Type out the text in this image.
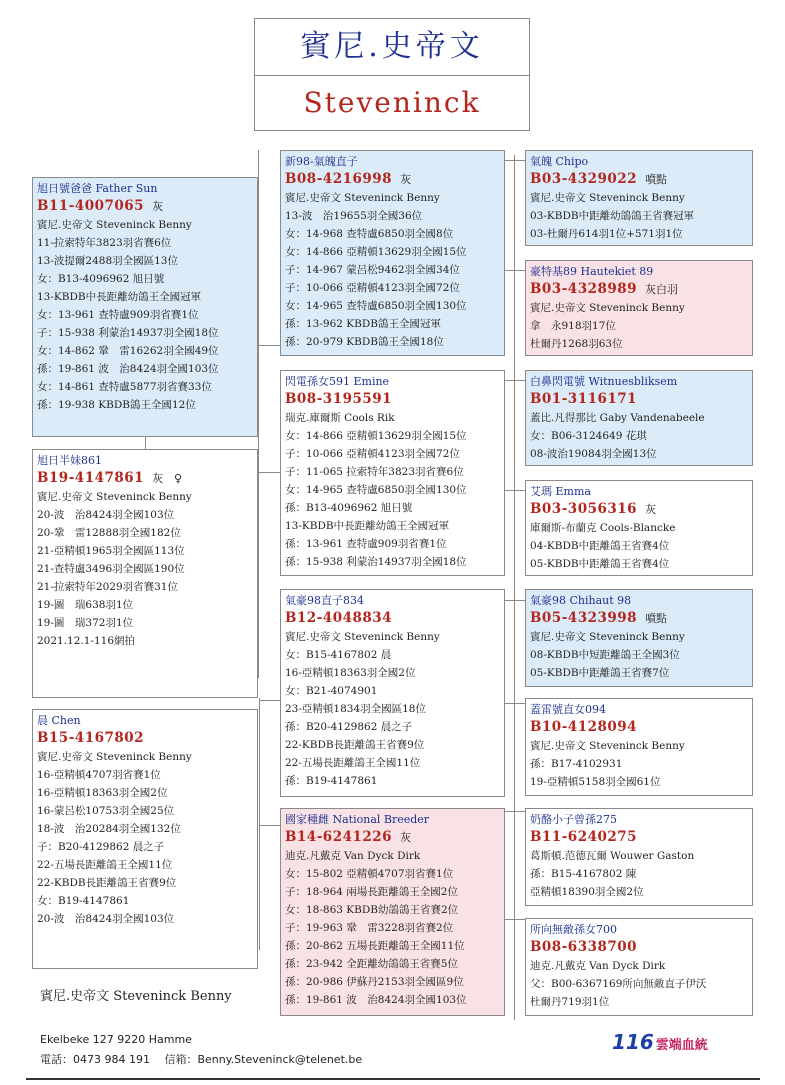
賓尼.史帝文
Steveninck
旭日號爸爸 Father Sun
B11-4007065 灰
賓尼.史帝文 Steveninck Benny
11-拉索特年3823羽省賽6位
13-波提爾2488羽全國區13位
女：B13-4096962 旭日號
13-KBDB中長距離幼鴿王全國冠軍
女：13-961 查特盧909羽省賽1位
子：15-938 利蒙治14937羽全國18位
女：14-862 鞏　雷16262羽全國49位
孫：19-861 波　治8424羽全國103位
女：14-861 查特盧5877羽省賽33位
孫：19-938 KBDB鴿王全國12位
旭日半妹861
B19-4147861 灰　♀
賓尼.史帝文 Steveninck Benny
20-波　治8424羽全國103位
20-鞏　雷12888羽全國182位
21-亞精頓1965羽全國區113位
21-查特盧3496羽全國區190位
21-拉索特年2029羽省賽31位
19-圖　瑞638羽1位
19-圖　瑞372羽1位
2021.12.1-116網拍
晨 Chen
B15-4167802
賓尼.史帝文 Steveninck Benny
16-亞精頓4707羽省賽1位
16-亞精頓18363羽全國2位
16-蒙呂松10753羽全國25位
18-波　治20284羽全國132位
子：B20-4129862 晨之子
22-五場長距離鴿王全國11位
22-KBDB長距離鴿王省賽9位
女：B19-4147861
20-波　治8424羽全國103位
新98-氣魄直子
B08-4216998 灰
賓尼.史帝文 Steveninck Benny
13-波　治19655羽全國36位
女：14-968 查特盧6850羽全國8位
女：14-866 亞精頓13629羽全國15位
子：14-967 蒙呂松9462羽全國34位
子：10-066 亞精頓4123羽全國72位
女：14-965 查特盧6850羽全國130位
孫：13-962 KBDB鴿王全國冠軍
孫：20-979 KBDB鴿王全國18位
閃電孫女591 Emine
B08-3195591
瑞克.庫爾斯 Cools Rik
女：14-866 亞精頓13629羽全國15位
子：10-066 亞精頓4123羽全國72位
子：11-065 拉索特年3823羽省賽6位
女：14-965 查特盧6850羽全國130位
孫：B13-4096962 旭日號
13-KBDB中長距離幼鴿王全國冠軍
孫：13-961 查特盧909羽省賽1位
孫：15-938 利蒙治14937羽全國18位
氣豪98直子834
B12-4048834
賓尼.史帝文 Steveninck Benny
女：B15-4167802 晨
16-亞精頓18363羽全國2位
女：B21-4074901
23-亞精頓1834羽全國區18位
孫：B20-4129862 晨之子
22-KBDB長距離鴿王省賽9位
22-五場長距離鴿王全國11位
孫：B19-4147861
國家種雌 National Breeder
B14-6241226 灰
迪克.凡戴克 Van Dyck Dirk
女：15-802 亞精頓4707羽省賽1位
子：18-964 兩場長距離鴿王全國2位
女：18-863 KBDB幼鴿鴿王省賽2位
子：19-963 鞏　雷3228羽省賽2位
孫：20-862 五場長距離鴿王全國11位
孫：23-942 全距離幼鴿鴿王省賽5位
孫：20-986 伊蘇丹2153羽全國區9位
孫：19-861 波　治8424羽全國103位
氣魄 Chipo
B03-4329022 噴點
賓尼.史帝文 Steveninck Benny
03-KBDB中距離幼鴿鴿王省賽冠軍
03-杜爾丹614羽1位+571羽1位
豪特基89 Hautekiet 89
B03-4328989 灰白羽
賓尼.史帝文 Steveninck Benny
拿　永918羽17位
杜爾丹1268羽63位
白鼻閃電號 Witnuesbliksem
B01-3116171
蓋比.凡得那比 Gaby Vandenabeele
女：B06-3124649 花琪
08-波治19084羽全國13位
艾瑪 Emma
B03-3056316 灰
庫爾斯-布蘭克 Cools-Blancke
04-KBDB中距離鴿王省賽4位
05-KBDB中距離鴿王省賽4位
氣豪98 Chihaut 98
B05-4323998 噴點
賓尼.史帝文 Steveninck Benny
08-KBDB中短距離鴿王全國3位
05-KBDB中距離鴿王省賽7位
蓋雷號直女094
B10-4128094
賓尼.史帝文 Steveninck Benny
孫：B17-4102931
19-亞精頓5158羽全國61位
奶酪小子曾孫275
B11-6240275
葛斯頓.范德瓦爾 Wouwer Gaston
孫：B15-4167802 陳
亞精頓18390羽全國2位
所向無敵孫女700
B08-6338700
迪克.凡戴克 Van Dyck Dirk
父：B00-6367169所向無敵直子伊沃
杜爾丹719羽1位
賓尼.史帝文 Steveninck Benny
Ekelbeke 127 9220 Hamme
電話：0473 984 191　 信箱：Benny.Steveninck@telenet.be
116 雲端血統
